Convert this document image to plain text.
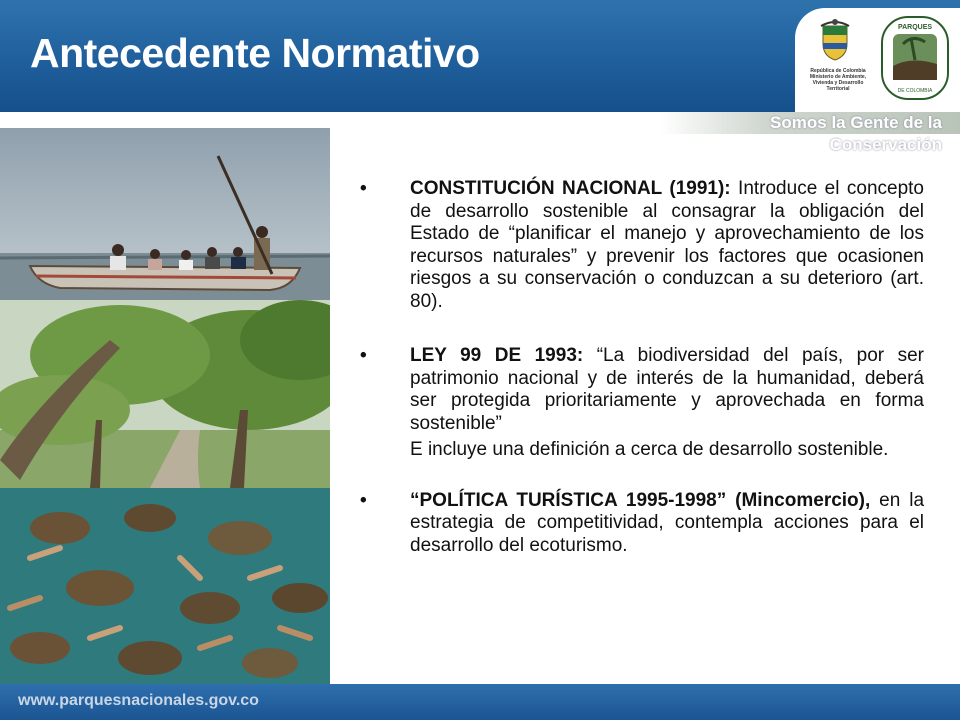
Antecedente Normativo	República de Colombia Ministerio de Ambiente, Vivienda y Desarrollo Territorial
PARQUES
DE COLOMBIA
Somos la Gente de la Conservación
• CONSTITUCIÓN NACIONAL (1991): Introduce el concepto de desarrollo sostenible al consagrar la obligación del Estado de “planificar el manejo y aprovechamiento de los recursos naturales” y prevenir los factores que ocasionen riesgos a su conservación o conduzcan a su deterioro (art. 80).
• LEY 99 DE 1993: “La biodiversidad del país, por ser patrimonio nacional y de interés de la humanidad, deberá ser protegida prioritariamente y aprovechada en forma sostenible”
E incluye una definición a cerca de desarrollo sostenible.
• “POLÍTICA TURÍSTICA 1995-1998” (Mincomercio), en la estrategia de competitividad, contempla acciones para el desarrollo del ecoturismo.
www.parquesnacionales.gov.co
